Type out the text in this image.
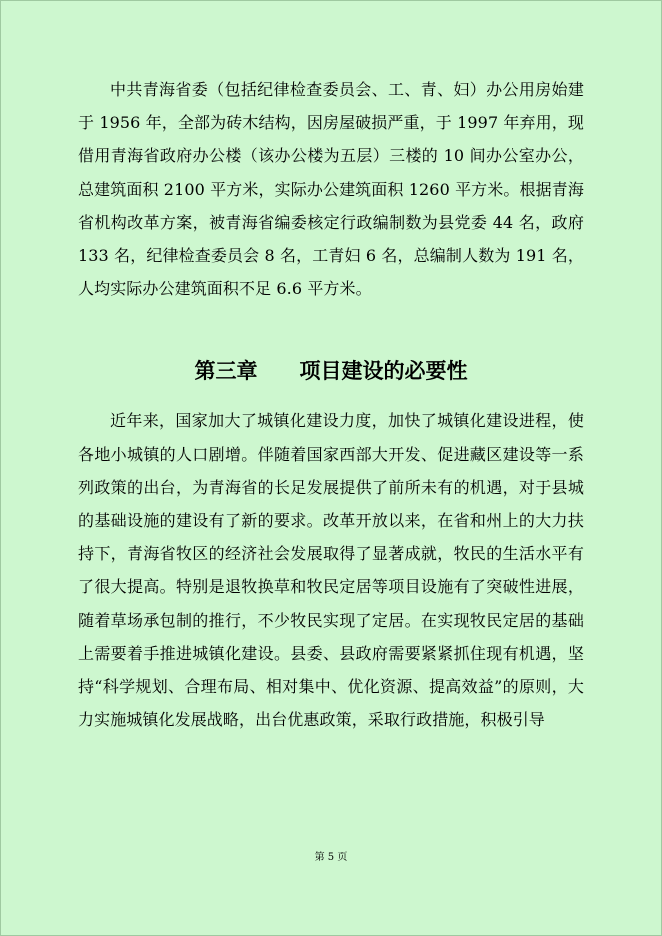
中共青海省委（包括纪律检查委员会、工、青、妇）办公用房始建于 1956 年，全部为砖木结构，因房屋破损严重，于 1997 年弃用，现借用青海省政府办公楼（该办公楼为五层）三楼的 10 间办公室办公，总建筑面积 2100 平方米，实际办公建筑面积 1260 平方米。根据青海省机构改革方案，被青海省编委核定行政编制数为县党委 44 名，政府 133 名，纪律检查委员会 8 名，工青妇 6 名，总编制人数为 191 名，人均实际办公建筑面积不足 6.6 平方米。

第三章 项目建设的必要性

近年来，国家加大了城镇化建设力度，加快了城镇化建设进程，使各地小城镇的人口剧增。伴随着国家西部大开发、促进藏区建设等一系列政策的出台，为青海省的长足发展提供了前所未有的机遇，对于县城的基础设施的建设有了新的要求。改革开放以来，在省和州上的大力扶持下，青海省牧区的经济社会发展取得了显著成就，牧民的生活水平有了很大提高。特别是退牧换草和牧民定居等项目设施有了突破性进展，随着草场承包制的推行，不少牧民实现了定居。在实现牧民定居的基础上需要着手推进城镇化建设。县委、县政府需要紧紧抓住现有机遇，坚持“科学规划、合理布局、相对集中、优化资源、提高效益”的原则，大力实施城镇化发展战略，出台优惠政策，采取行政措施，积极引导

第 5 页
